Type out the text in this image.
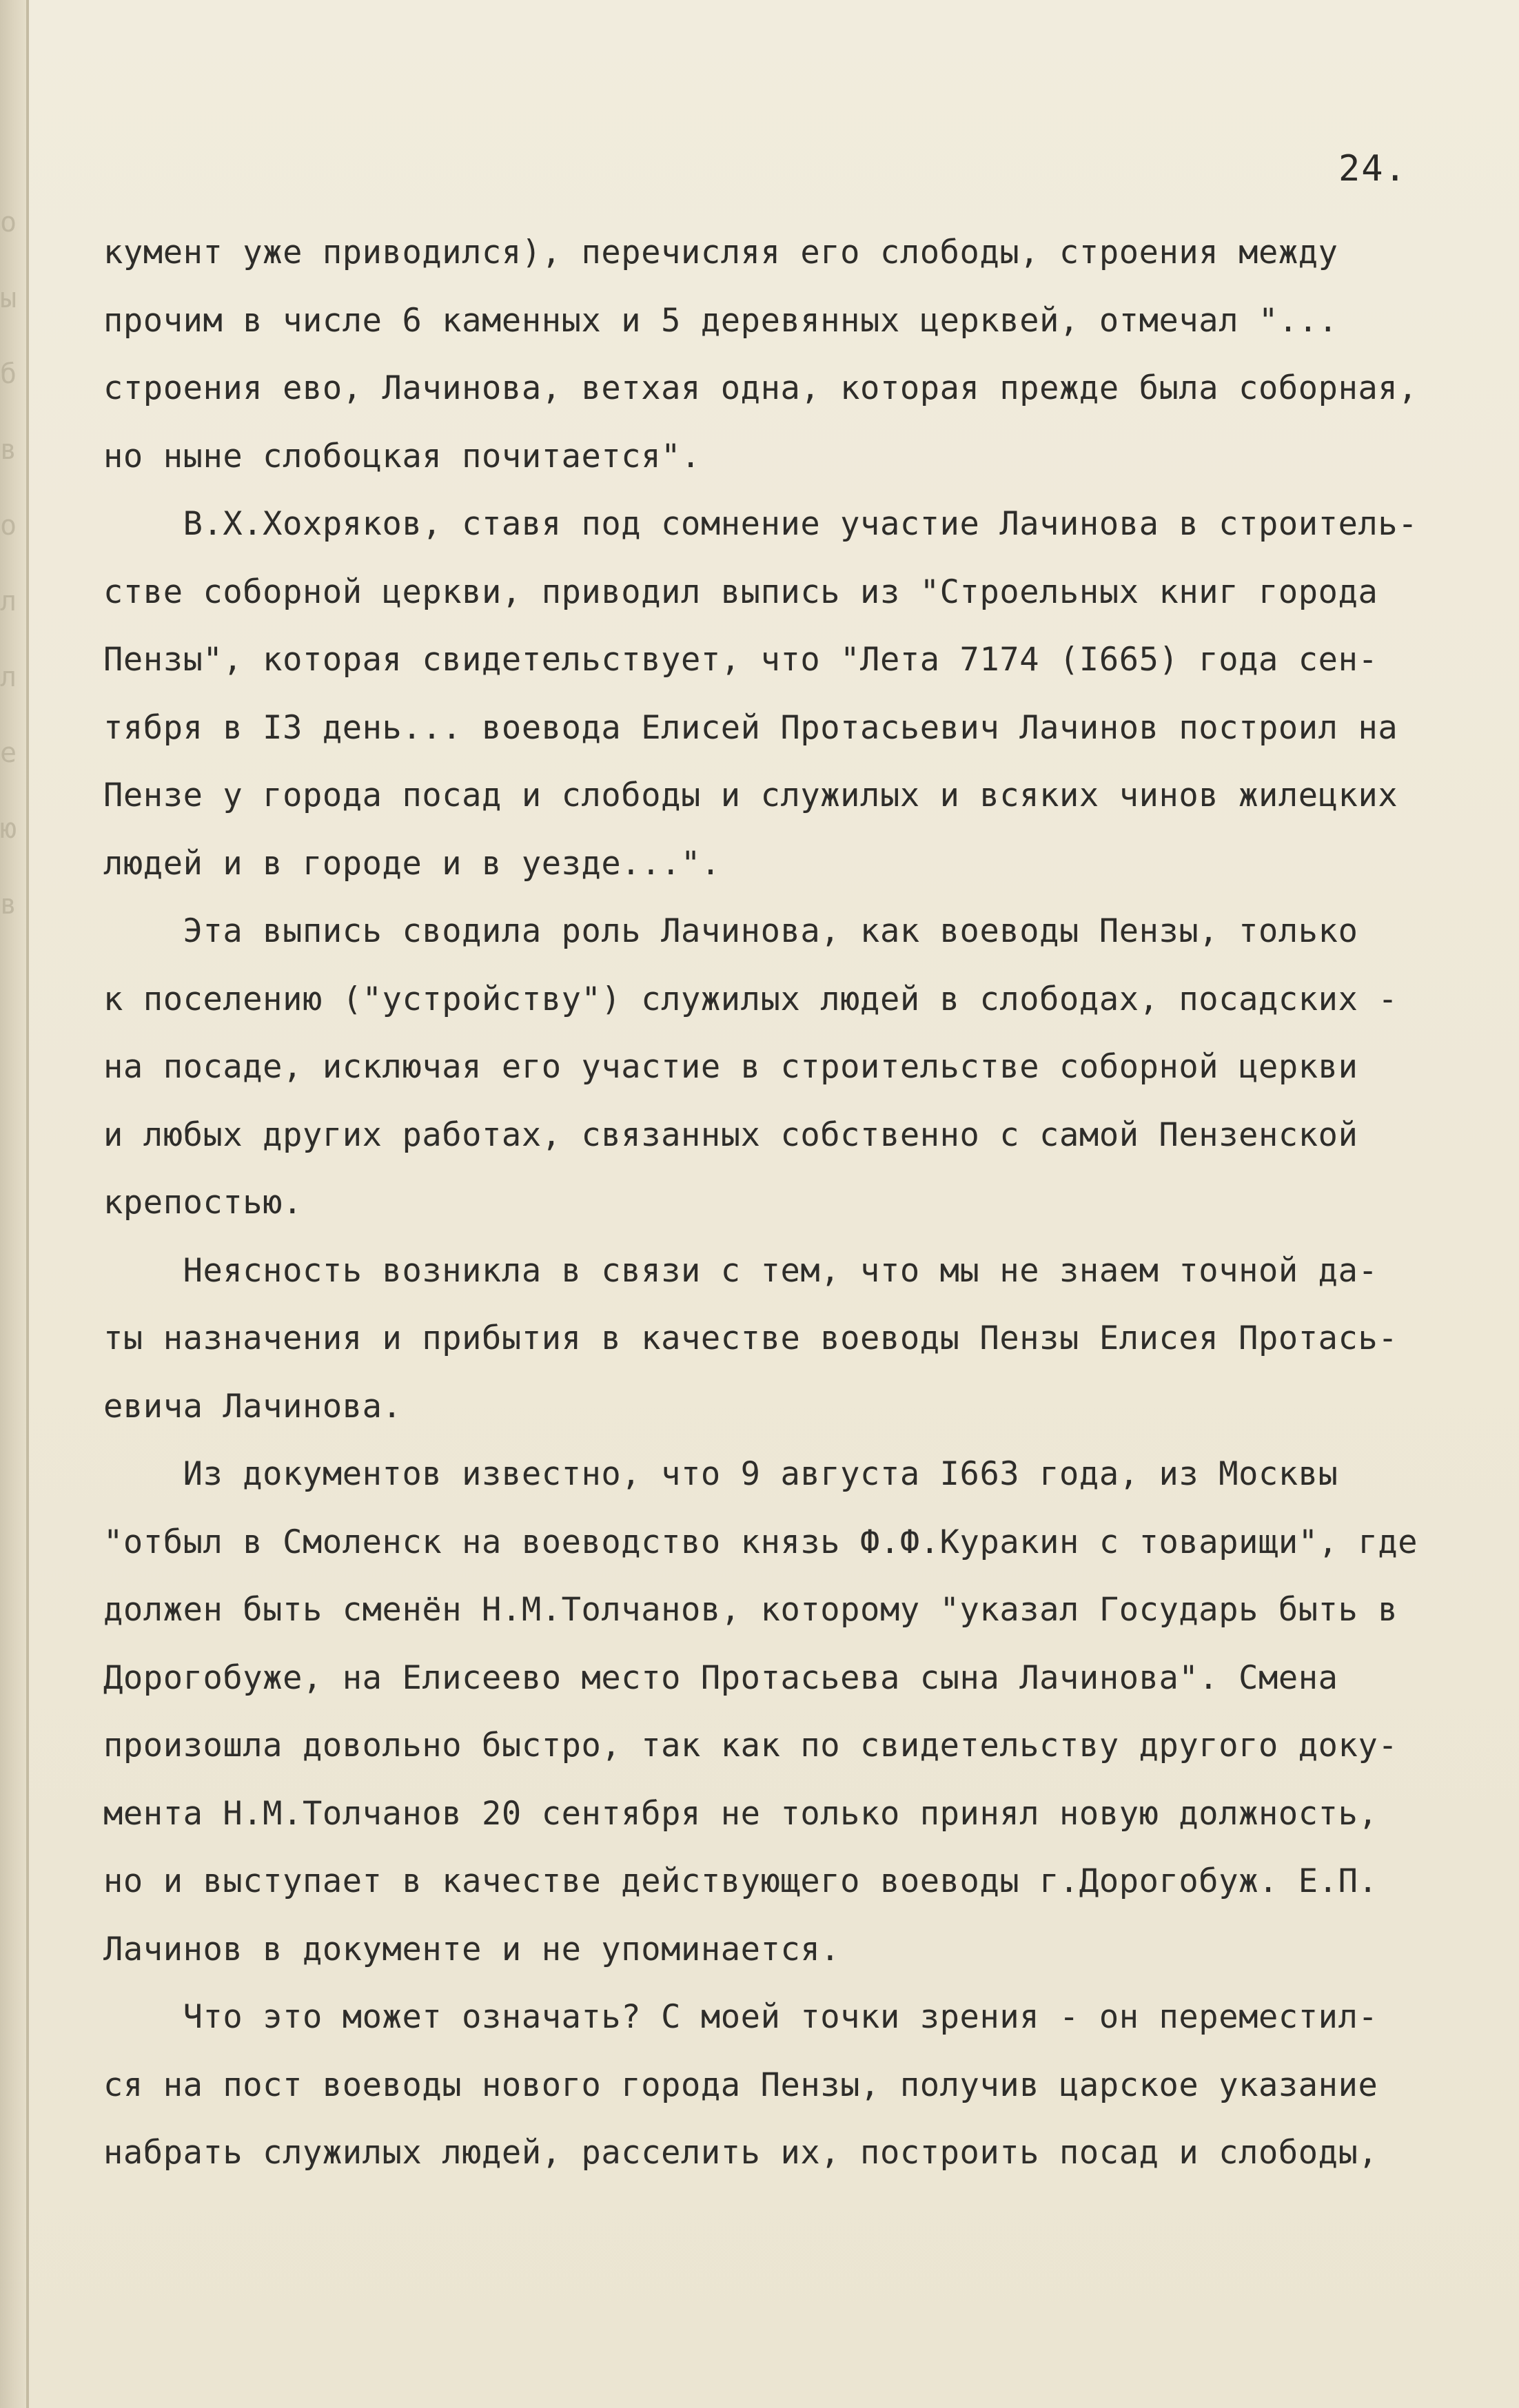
24.
кумент уже приводился), перечисляя его слободы, строения между
прочим в числе 6 каменных и 5 деревянных церквей, отмечал "...
строения ево, Лачинова, ветхая одна, которая прежде была соборная,
но ныне слобоцкая почитается".
В.Х.Хохряков, ставя под сомнение участие Лачинова в строитель-
стве соборной церкви, приводил выпись из "Строельных книг города
Пензы", которая свидетельствует, что "Лета 7174 (I665) года сен-
тября в I3 день... воевода Елисей Протасьевич Лачинов построил на
Пензе у города посад и слободы и служилых и всяких чинов жилецких
людей и в городе и в уезде...".
Эта выпись сводила роль Лачинова, как воеводы Пензы, только
к поселению ("устройству") служилых людей в слободах, посадских -
на посаде, исключая его участие в строительстве соборной церкви
и любых других работах, связанных собственно с самой Пензенской
крепостью.
Неясность возникла в связи с тем, что мы не знаем точной да-
ты назначения и прибытия в качестве воеводы Пензы Елисея Протась-
евича Лачинова.
Из документов известно, что 9 августа I663 года, из Москвы
"отбыл в Смоленск на воеводство князь Ф.Ф.Куракин с товарищи", где
должен быть сменён Н.М.Толчанов, которому "указал Государь быть в
Дорогобуже, на Елисеево место Протасьева сына Лачинова". Смена
произошла довольно быстро, так как по свидетельству другого доку-
мента Н.М.Толчанов 20 сентября не только принял новую должность,
но и выступает в качестве действующего воеводы г.Дорогобуж. Е.П.
Лачинов в документе и не упоминается.
Что это может означать? С моей точки зрения - он переместил-
ся на пост воеводы нового города Пензы, получив царское указание
набрать служилых людей, расселить их, построить посад и слободы,
о
ы
б
в
о
л
л
е
ю
в
